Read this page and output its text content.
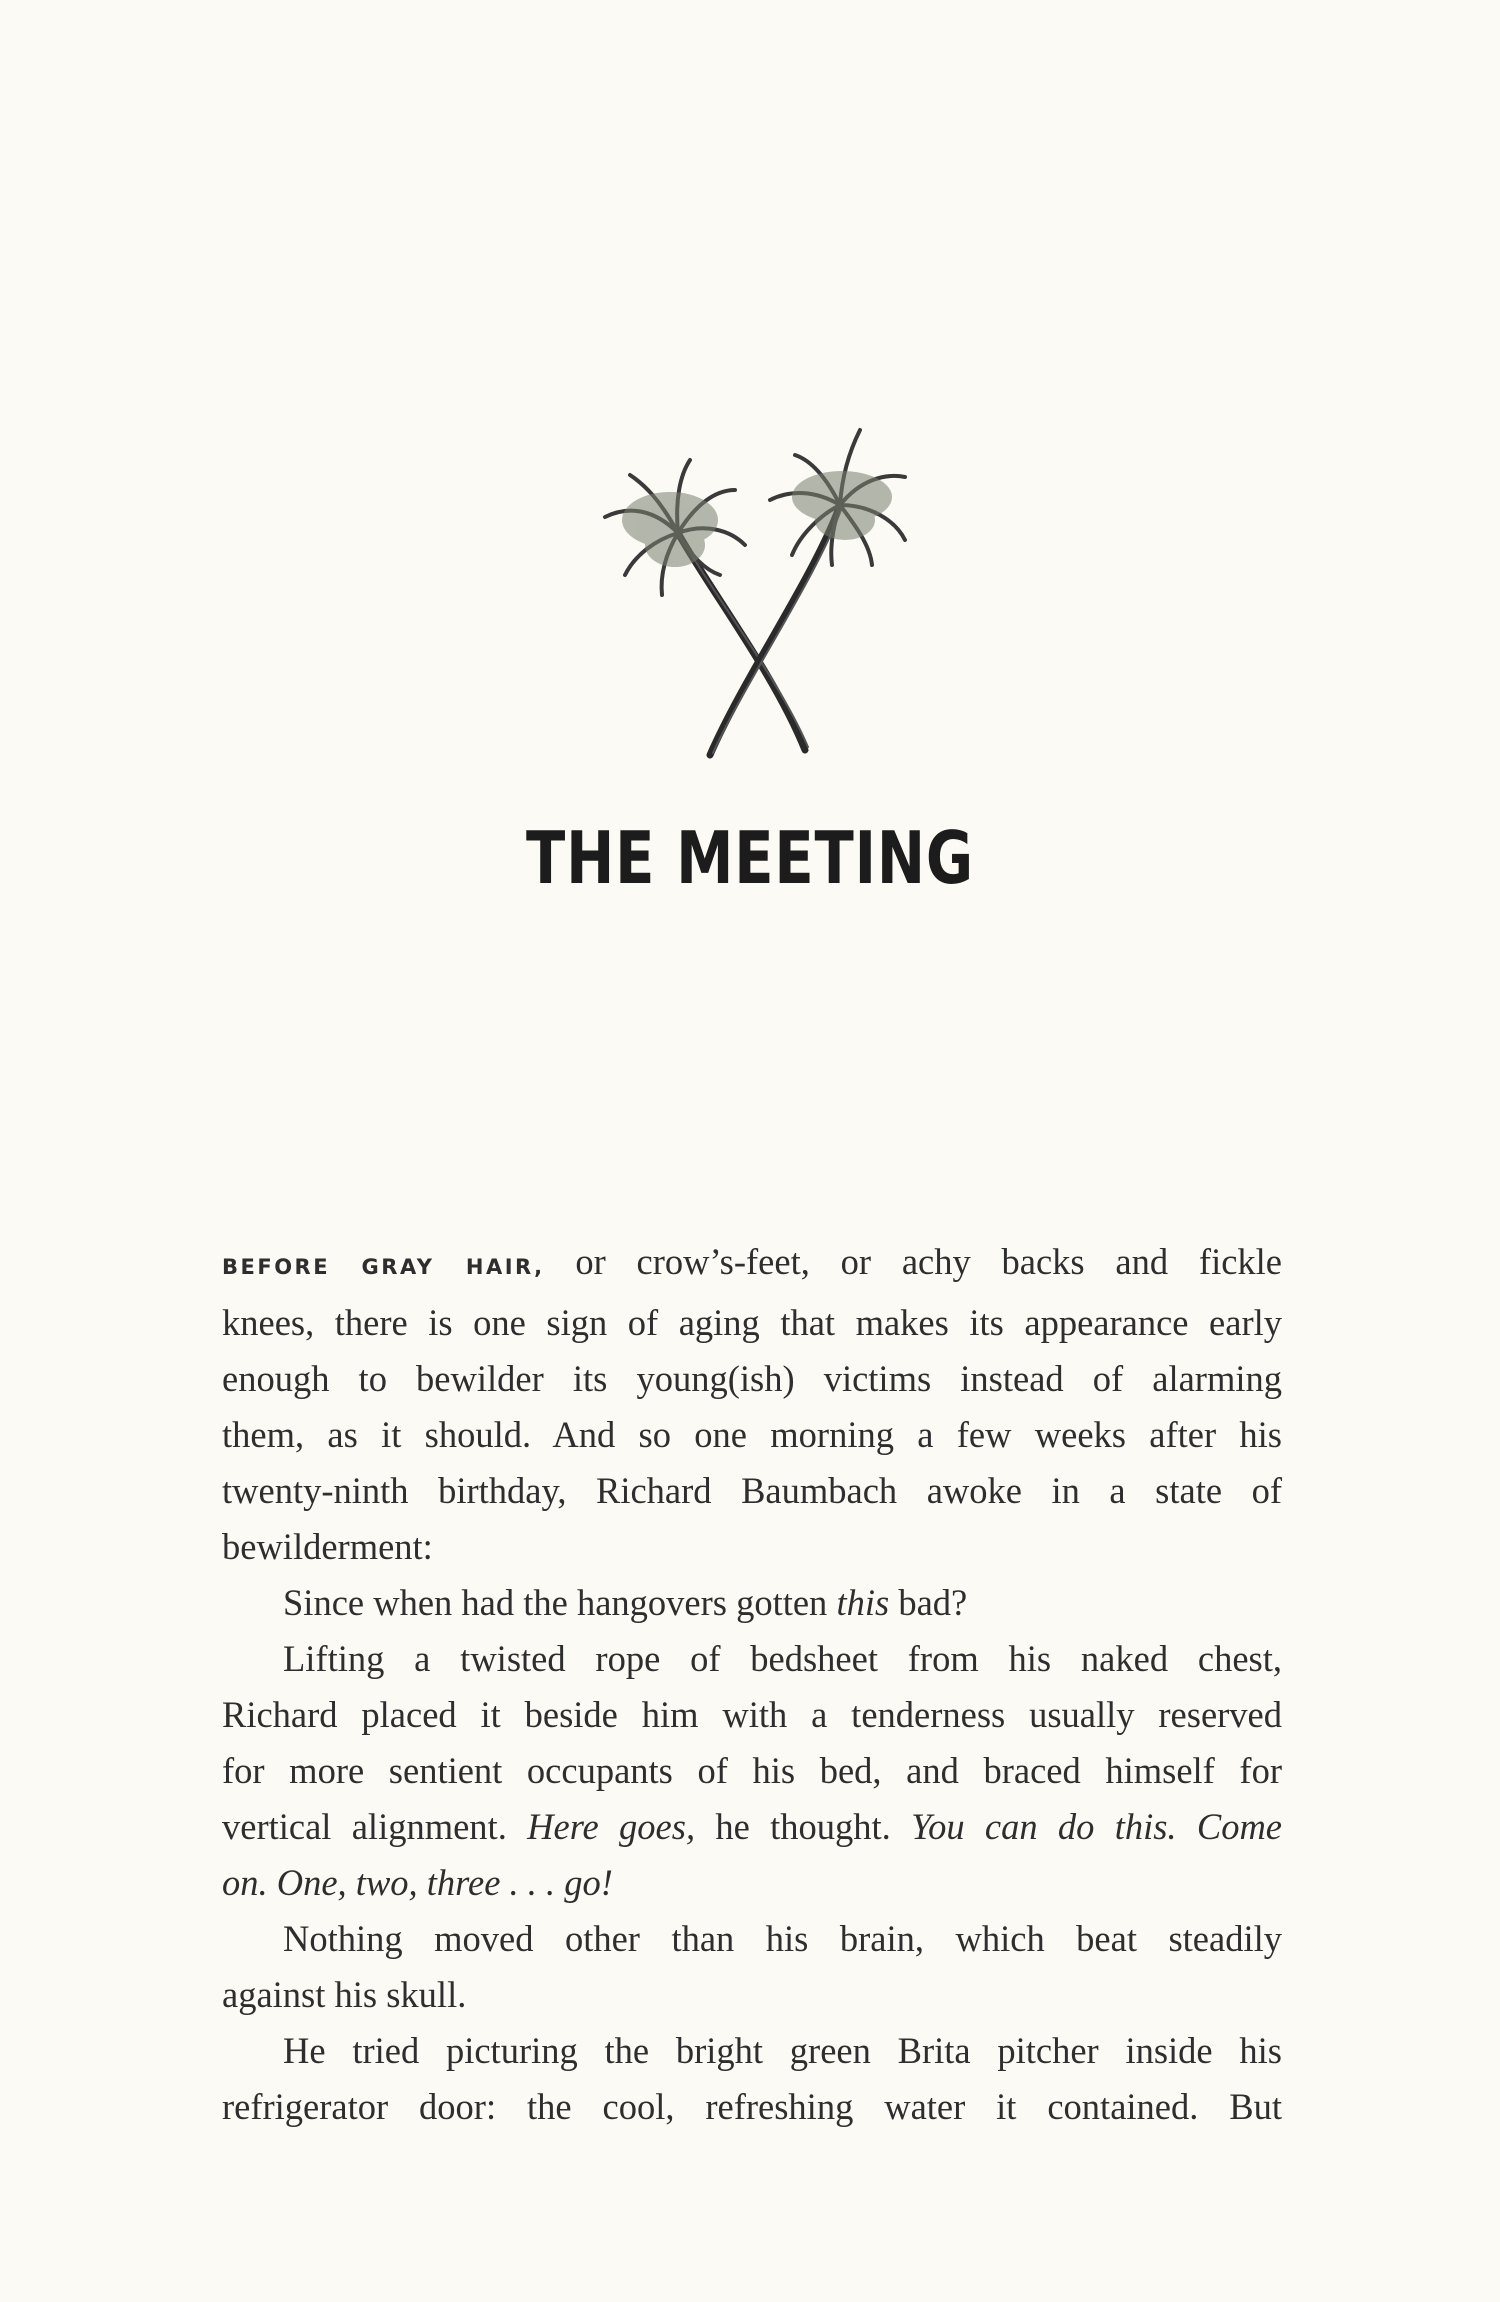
THE MEETING

BEFORE GRAY HAIR, or crow’s-feet, or achy backs and fickle

knees, there is one sign of aging that makes its appearance early

enough to bewilder its young(ish) victims instead of alarming

them, as it should. And so one morning a few weeks after his

twenty-ninth birthday, Richard Baumbach awoke in a state of

bewilderment:

Since when had the hangovers gotten this bad?

Lifting a twisted rope of bedsheet from his naked chest,

Richard placed it beside him with a tenderness usually reserved

for more sentient occupants of his bed, and braced himself for

vertical alignment. Here goes, he thought. You can do this. Come

on. One, two, three . . . go!

Nothing moved other than his brain, which beat steadily

against his skull.

He tried picturing the bright green Brita pitcher inside his

refrigerator door: the cool, refreshing water it contained. But
